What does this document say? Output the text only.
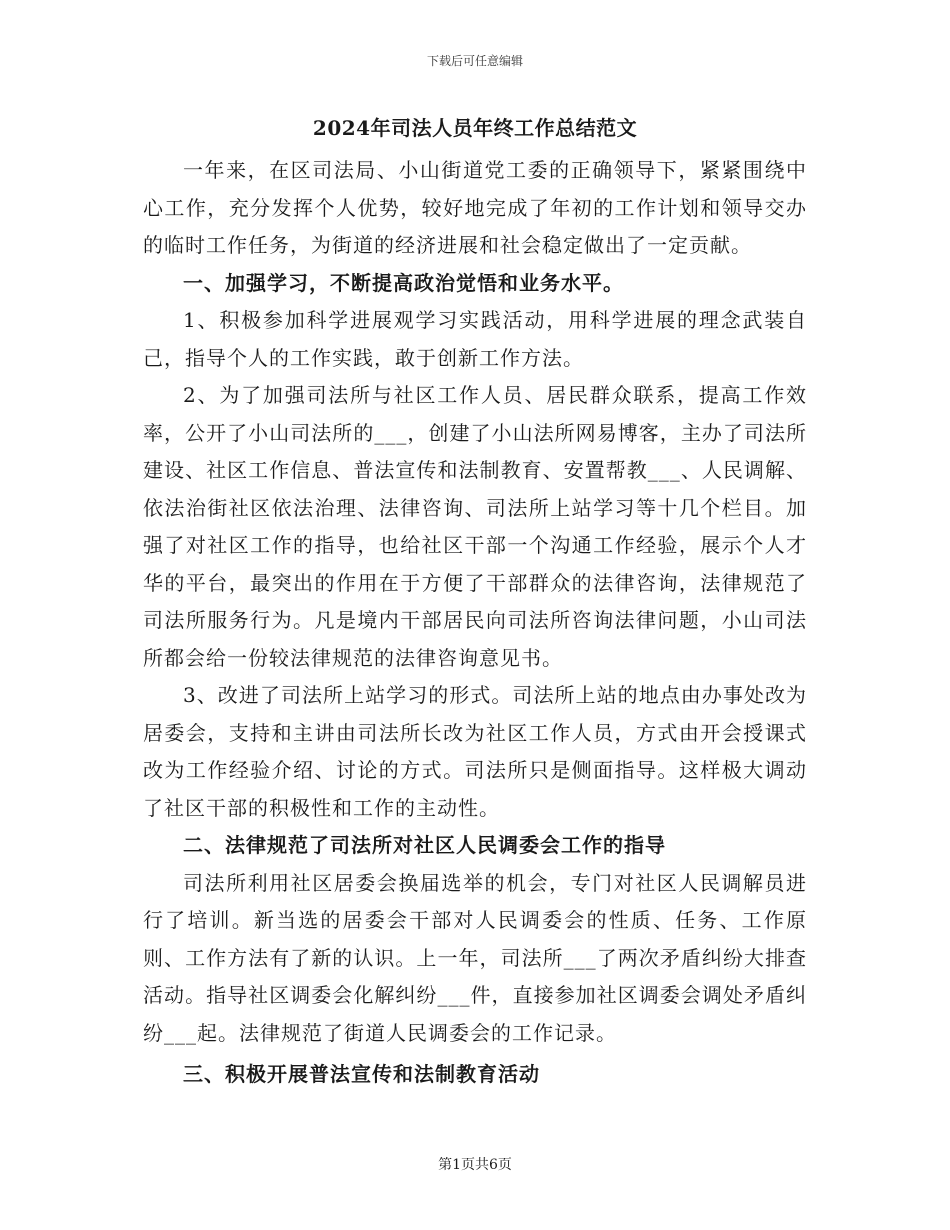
下载后可任意编辑
2024年司法人员年终工作总结范文

一年来，在区司法局、小山街道党工委的正确领导下，紧紧围绕中心工作，充分发挥个人优势，较好地完成了年初的工作计划和领导交办的临时工作任务，为街道的经济进展和社会稳定做出了一定贡献。

一、加强学习，不断提高政治觉悟和业务水平。

1、积极参加科学进展观学习实践活动，用科学进展的理念武装自己，指导个人的工作实践，敢于创新工作方法。

2、为了加强司法所与社区工作人员、居民群众联系，提高工作效率，公开了小山司法所的___，创建了小山法所网易博客，主办了司法所建设、社区工作信息、普法宣传和法制教育、安置帮教___、人民调解、依法治街社区依法治理、法律咨询、司法所上站学习等十几个栏目。加强了对社区工作的指导，也给社区干部一个沟通工作经验，展示个人才华的平台，最突出的作用在于方便了干部群众的法律咨询，法律规范了司法所服务行为。凡是境内干部居民向司法所咨询法律问题，小山司法所都会给一份较法律规范的法律咨询意见书。

3、改进了司法所上站学习的形式。司法所上站的地点由办事处改为居委会，支持和主讲由司法所长改为社区工作人员，方式由开会授课式改为工作经验介绍、讨论的方式。司法所只是侧面指导。这样极大调动了社区干部的积极性和工作的主动性。

二、法律规范了司法所对社区人民调委会工作的指导

司法所利用社区居委会换届选举的机会，专门对社区人民调解员进行了培训。新当选的居委会干部对人民调委会的性质、任务、工作原则、工作方法有了新的认识。上一年，司法所___了两次矛盾纠纷大排查活动。指导社区调委会化解纠纷___件，直接参加社区调委会调处矛盾纠纷___起。法律规范了街道人民调委会的工作记录。

三、积极开展普法宣传和法制教育活动

第1页共6页
